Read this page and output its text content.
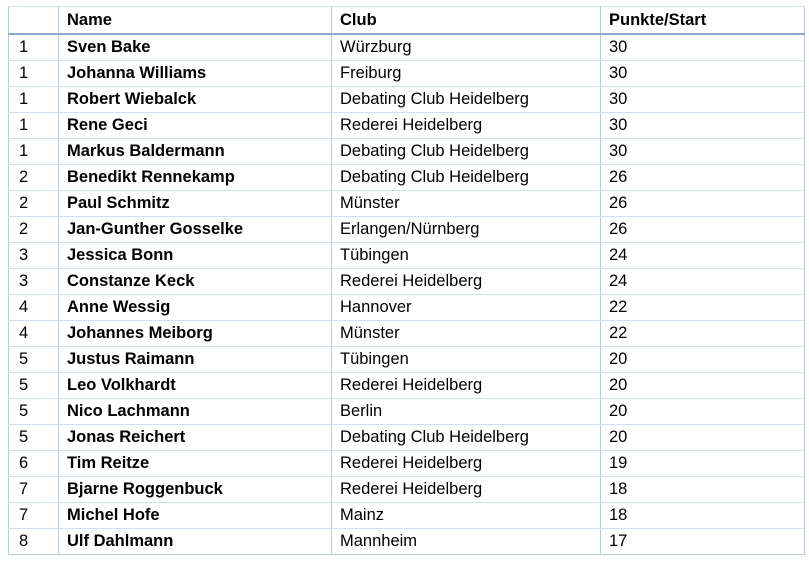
	Name	Club	Punkte/Start
1	Sven Bake	Würzburg	30
1	Johanna Williams	Freiburg	30
1	Robert Wiebalck	Debating Club Heidelberg	30
1	Rene Geci	Rederei Heidelberg	30
1	Markus Baldermann	Debating Club Heidelberg	30
2	Benedikt Rennekamp	Debating Club Heidelberg	26
2	Paul Schmitz	Münster	26
2	Jan-Gunther Gosselke	Erlangen/Nürnberg	26
3	Jessica Bonn	Tübingen	24
3	Constanze Keck	Rederei Heidelberg	24
4	Anne Wessig	Hannover	22
4	Johannes Meiborg	Münster	22
5	Justus Raimann	Tübingen	20
5	Leo Volkhardt	Rederei Heidelberg	20
5	Nico Lachmann	Berlin	20
5	Jonas Reichert	Debating Club Heidelberg	20
6	Tim Reitze	Rederei Heidelberg	19
7	Bjarne Roggenbuck	Rederei Heidelberg	18
7	Michel Hofe	Mainz	18
8	Ulf Dahlmann	Mannheim	17
